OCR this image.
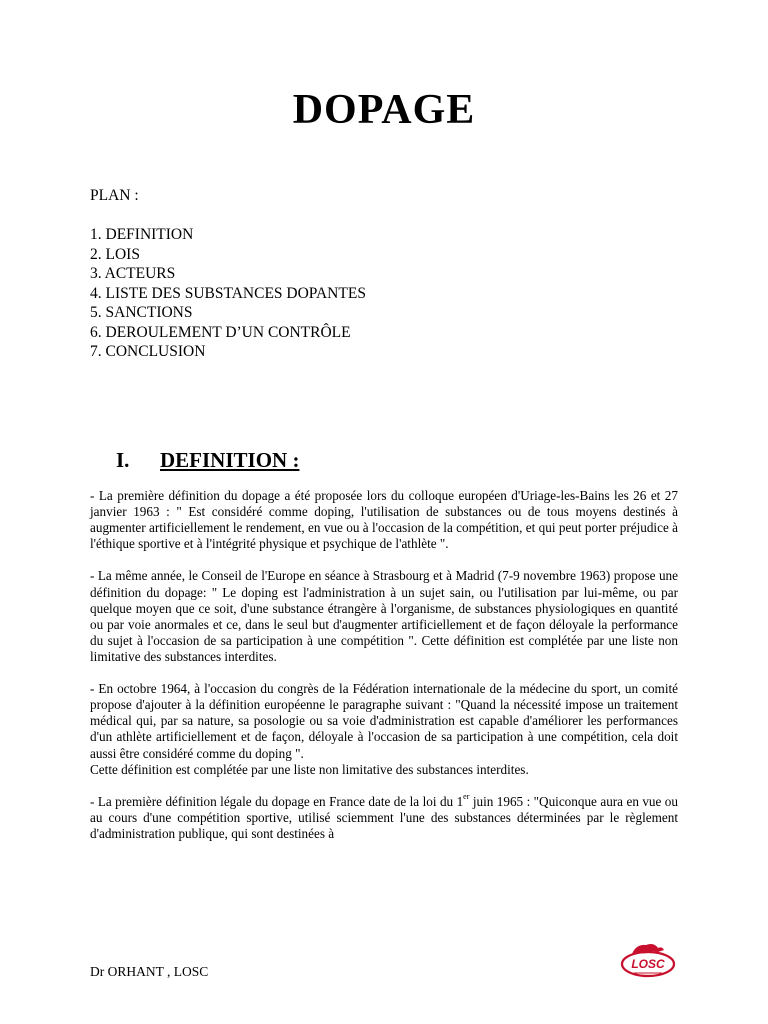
DOPAGE
PLAN :
1. DEFINITION
2. LOIS
3. ACTEURS
4. LISTE DES SUBSTANCES DOPANTES
5. SANCTIONS
6. DEROULEMENT D’UN CONTRÔLE
7. CONCLUSION
I. DEFINITION :

- La première définition du dopage a été proposée lors du colloque européen d'Uriage-les-Bains les 26 et 27 janvier 1963 : " Est considéré comme doping, l'utilisation de substances ou de tous moyens destinés à augmenter artificiellement le rendement, en vue ou à l'occasion de la compétition, et qui peut porter préjudice à l'éthique sportive et à l'intégrité physique et psychique de l'athlète ".

- La même année, le Conseil de l'Europe en séance à Strasbourg et à Madrid (7-9 novembre 1963) propose une définition du dopage: " Le doping est l'administration à un sujet sain, ou l'utilisation par lui-même, ou par quelque moyen que ce soit, d'une substance étrangère à l'organisme, de substances physiologiques en quantité ou par voie anormales et ce, dans le seul but d'augmenter artificiellement et de façon déloyale la performance du sujet à l'occasion de sa participation à une compétition ". Cette définition est complétée par une liste non limitative des substances interdites.

- En octobre 1964, à l'occasion du congrès de la Fédération internationale de la médecine du sport, un comité propose d'ajouter à la définition européenne le paragraphe suivant : "Quand la nécessité impose un traitement médical qui, par sa nature, sa posologie ou sa voie d'administration est capable d'améliorer les performances d'un athlète artificiellement et de façon, déloyale à l'occasion de sa participation à une compétition, cela doit aussi être considéré comme du doping ".

Cette définition est complétée par une liste non limitative des substances interdites.

- La première définition légale du dopage en France date de la loi du 1er juin 1965 : "Quiconque aura en vue ou au cours d'une compétition sportive, utilisé sciemment l'une des substances déterminées par le règlement d'administration publique, qui sont destinées à

Dr ORHANT , LOSC	LOSC
